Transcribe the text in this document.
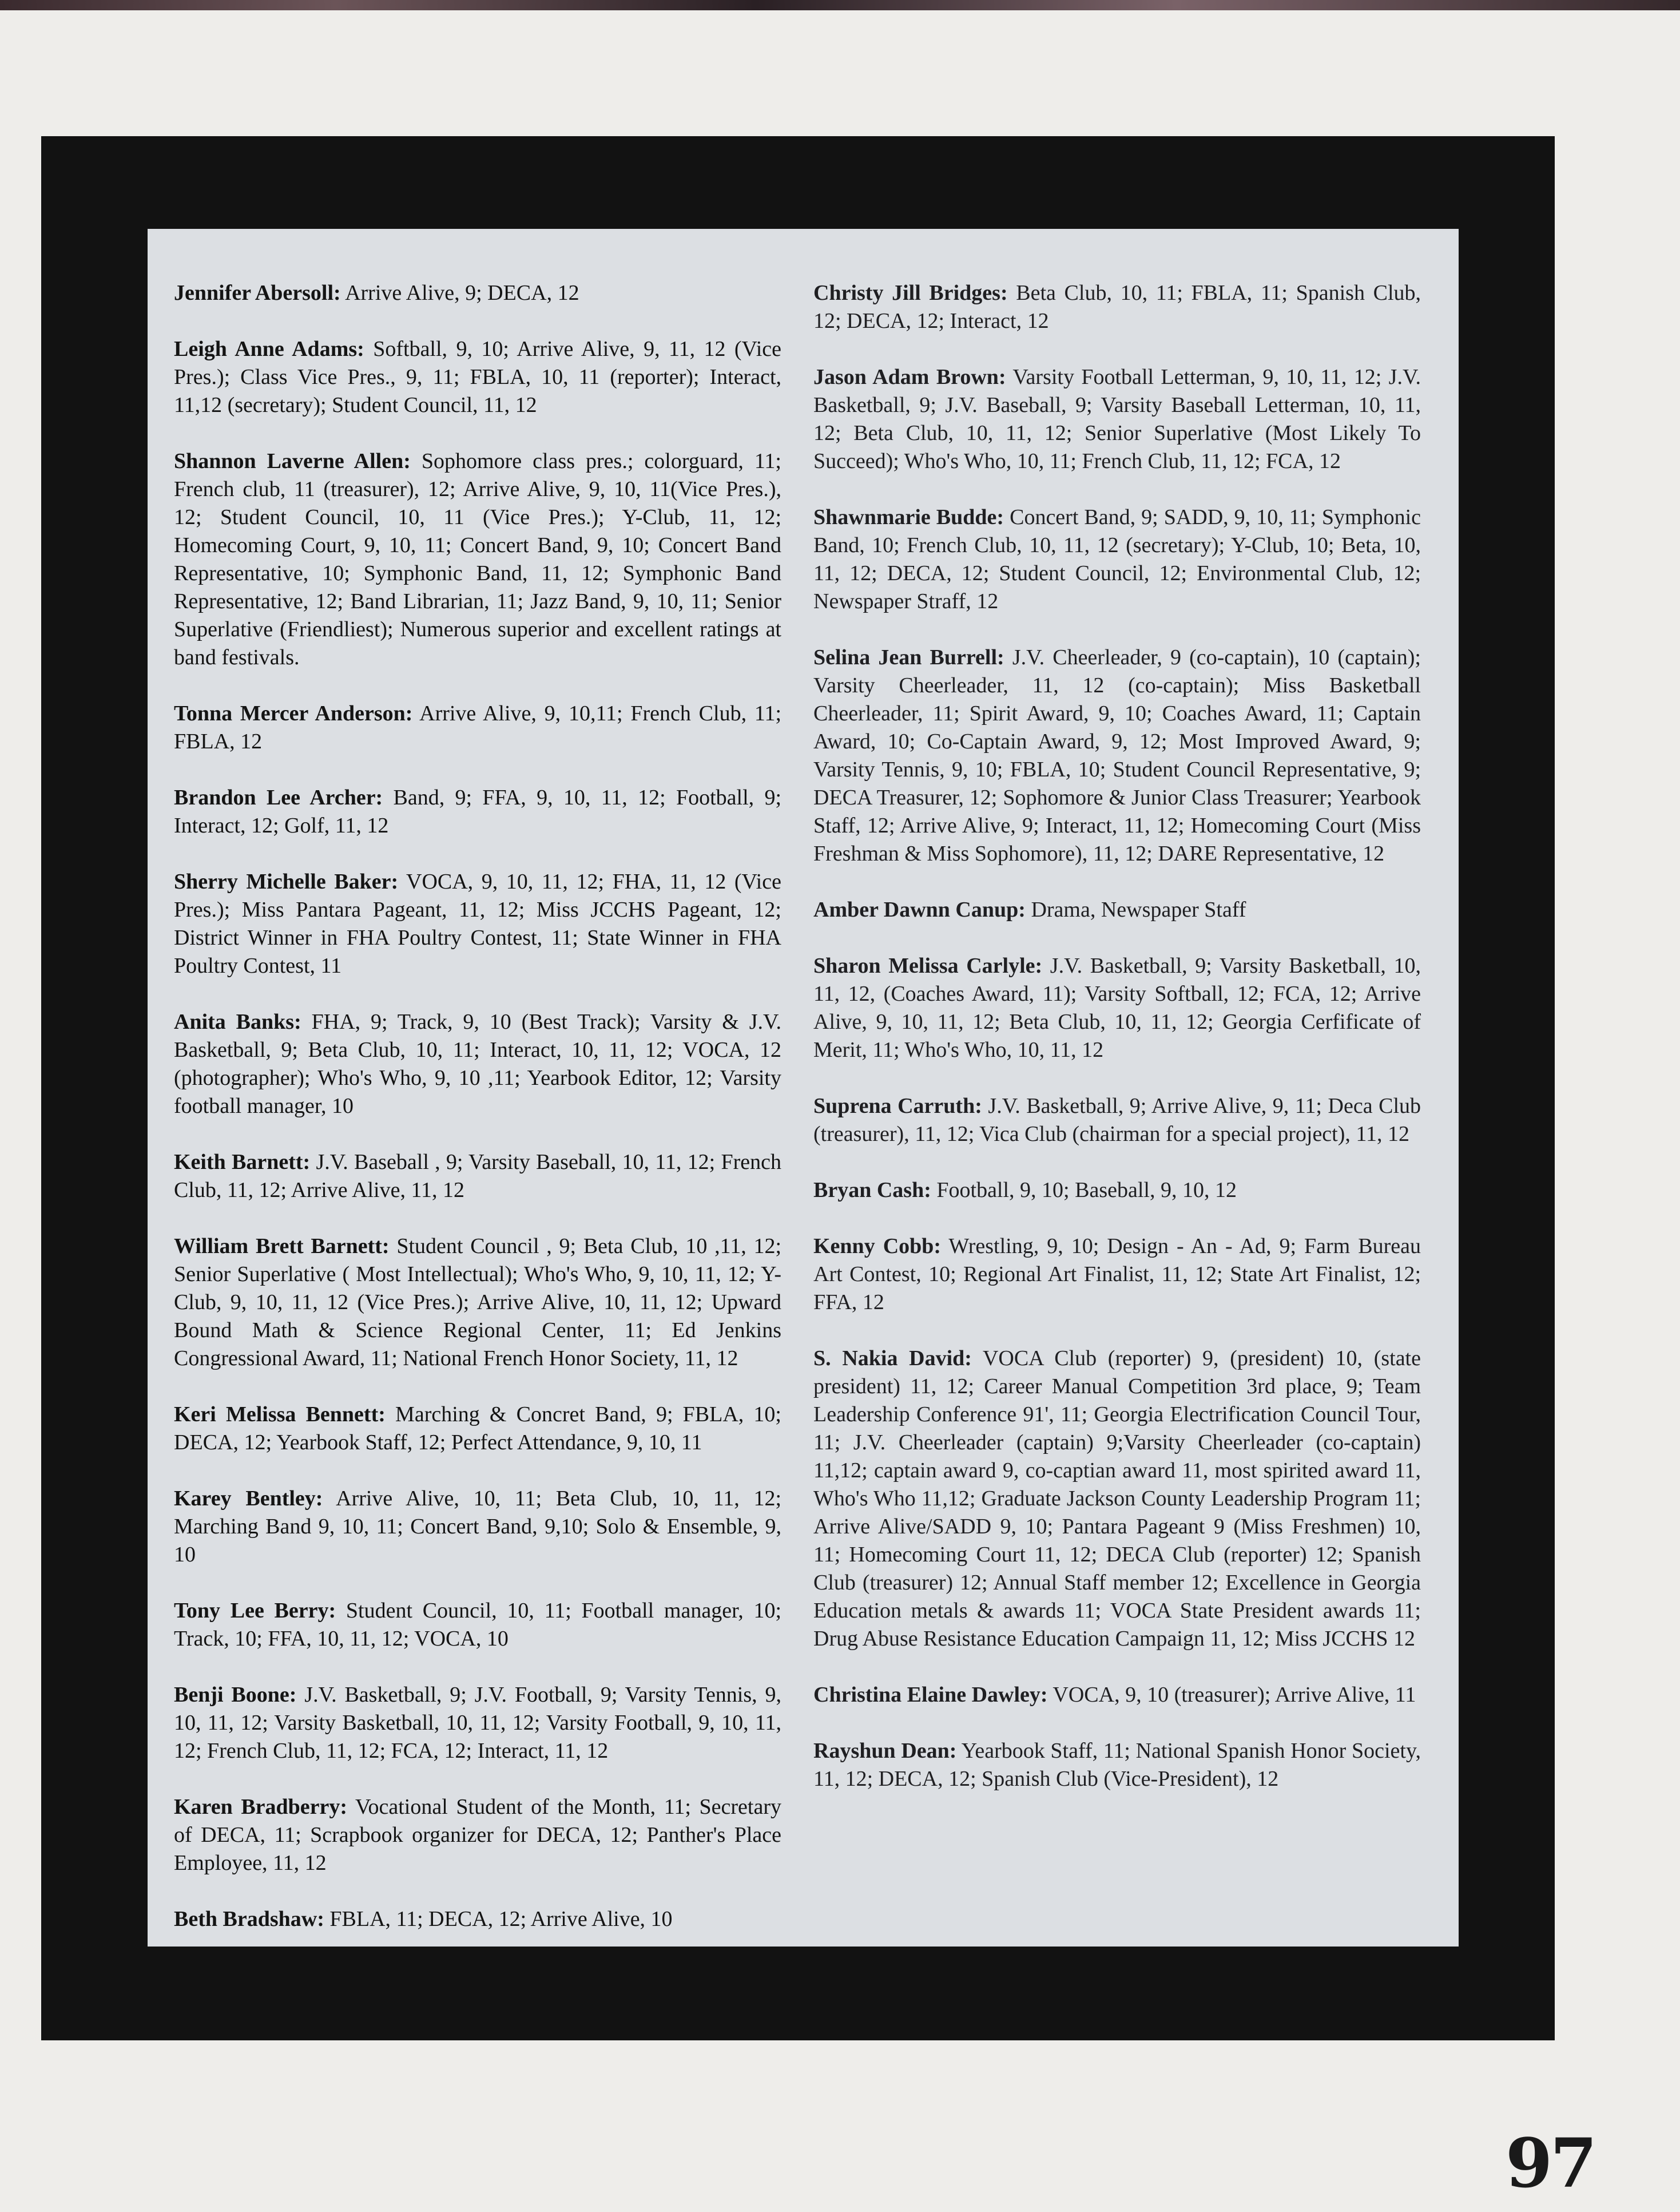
Jennifer Abersoll: Arrive Alive, 9; DECA, 12
Leigh Anne Adams: Softball, 9, 10; Arrive Alive, 9, 11, 12 (Vice Pres.); Class Vice Pres., 9, 11; FBLA, 10, 11 (reporter); Interact, 11,12 (secretary); Student Council, 11, 12
Shannon Laverne Allen: Sophomore class pres.; colorguard, 11; French club, 11 (treasurer), 12; Arrive Alive, 9, 10, 11(Vice Pres.), 12; Student Council, 10, 11 (Vice Pres.); Y-Club, 11, 12; Homecoming Court, 9, 10, 11; Concert Band, 9, 10; Concert Band Representative, 10; Symphonic Band, 11, 12; Symphonic Band Representative, 12; Band Librarian, 11; Jazz Band, 9, 10, 11; Senior Superlative (Friendliest); Numerous superior and excellent ratings at band festivals.
Tonna Mercer Anderson: Arrive Alive, 9, 10,11; French Club, 11; FBLA, 12
Brandon Lee Archer: Band, 9; FFA, 9, 10, 11, 12; Football, 9; Interact, 12; Golf, 11, 12
Sherry Michelle Baker: VOCA, 9, 10, 11, 12; FHA, 11, 12 (Vice Pres.); Miss Pantara Pageant, 11, 12; Miss JCCHS Pageant, 12; District Winner in FHA Poultry Contest, 11; State Winner in FHA Poultry Contest, 11
Anita Banks: FHA, 9; Track, 9, 10 (Best Track); Varsity & J.V. Basketball, 9; Beta Club, 10, 11; Interact, 10, 11, 12; VOCA, 12 (photographer); Who's Who, 9, 10 ,11; Yearbook Editor, 12; Varsity football manager, 10
Keith Barnett: J.V. Baseball , 9; Varsity Baseball, 10, 11, 12; French Club, 11, 12; Arrive Alive, 11, 12
William Brett Barnett: Student Council , 9; Beta Club, 10 ,11, 12; Senior Superlative ( Most Intellectual); Who's Who, 9, 10, 11, 12; Y-Club, 9, 10, 11, 12 (Vice Pres.); Arrive Alive, 10, 11, 12; Upward Bound Math & Science Regional Center, 11; Ed Jenkins Congressional Award, 11; National French Honor Society, 11, 12
Keri Melissa Bennett: Marching & Concret Band, 9; FBLA, 10; DECA, 12; Yearbook Staff, 12; Perfect Attendance, 9, 10, 11
Karey Bentley: Arrive Alive, 10, 11; Beta Club, 10, 11, 12; Marching Band 9, 10, 11; Concert Band, 9,10; Solo & Ensemble, 9, 10
Tony Lee Berry: Student Council, 10, 11; Football manager, 10; Track, 10; FFA, 10, 11, 12; VOCA, 10
Benji Boone: J.V. Basketball, 9; J.V. Football, 9; Varsity Tennis, 9, 10, 11, 12; Varsity Basketball, 10, 11, 12; Varsity Football, 9, 10, 11, 12; French Club, 11, 12; FCA, 12; Interact, 11, 12
Karen Bradberry: Vocational Student of the Month, 11; Secretary of DECA, 11; Scrapbook organizer for DECA, 12; Panther's Place Employee, 11, 12
Beth Bradshaw: FBLA, 11; DECA, 12; Arrive Alive, 10
Christy Jill Bridges: Beta Club, 10, 11; FBLA, 11; Spanish Club, 12; DECA, 12; Interact, 12
Jason Adam Brown: Varsity Football Letterman, 9, 10, 11, 12; J.V. Basketball, 9; J.V. Baseball, 9; Varsity Baseball Letterman, 10, 11, 12; Beta Club, 10, 11, 12; Senior Superlative (Most Likely To Succeed); Who's Who, 10, 11; French Club, 11, 12; FCA, 12
Shawnmarie Budde: Concert Band, 9; SADD, 9, 10, 11; Symphonic Band, 10; French Club, 10, 11, 12 (secretary); Y-Club, 10; Beta, 10, 11, 12; DECA, 12; Student Council, 12; Environmental Club, 12; Newspaper Straff, 12
Selina Jean Burrell: J.V. Cheerleader, 9 (co-captain), 10 (captain); Varsity Cheerleader, 11, 12 (co-captain); Miss Basketball Cheerleader, 11; Spirit Award, 9, 10; Coaches Award, 11; Captain Award, 10; Co-Captain Award, 9, 12; Most Improved Award, 9; Varsity Tennis, 9, 10; FBLA, 10; Student Council Representative, 9; DECA Treasurer, 12; Sophomore & Junior Class Treasurer; Yearbook Staff, 12; Arrive Alive, 9; Interact, 11, 12; Homecoming Court (Miss Freshman & Miss Sophomore), 11, 12; DARE Representative, 12
Amber Dawnn Canup: Drama, Newspaper Staff
Sharon Melissa Carlyle: J.V. Basketball, 9; Varsity Basketball, 10, 11, 12, (Coaches Award, 11); Varsity Softball, 12; FCA, 12; Arrive Alive, 9, 10, 11, 12; Beta Club, 10, 11, 12; Georgia Cerfificate of Merit, 11; Who's Who, 10, 11, 12
Suprena Carruth: J.V. Basketball, 9; Arrive Alive, 9, 11; Deca Club (treasurer), 11, 12; Vica Club (chairman for a special project), 11, 12
Bryan Cash: Football, 9, 10; Baseball, 9, 10, 12
Kenny Cobb: Wrestling, 9, 10; Design - An - Ad, 9; Farm Bureau Art Contest, 10; Regional Art Finalist, 11, 12; State Art Finalist, 12; FFA, 12
S. Nakia David: VOCA Club (reporter) 9, (president) 10, (state president) 11, 12; Career Manual Competition 3rd place, 9; Team Leadership Conference 91', 11; Georgia Electrification Council Tour, 11; J.V. Cheerleader (captain) 9;Varsity Cheerleader (co-captain) 11,12; captain award 9, co-captian award 11, most spirited award 11, Who's Who 11,12; Graduate Jackson County Leadership Program 11; Arrive Alive/SADD 9, 10; Pantara Pageant 9 (Miss Freshmen) 10, 11; Homecoming Court 11, 12; DECA Club (reporter) 12; Spanish Club (treasurer) 12; Annual Staff member 12; Excellence in Georgia Education metals & awards 11; VOCA State President awards 11; Drug Abuse Resistance Education Campaign 11, 12; Miss JCCHS 12
Christina Elaine Dawley: VOCA, 9, 10 (treasurer); Arrive Alive, 11
Rayshun Dean: Yearbook Staff, 11; National Spanish Honor Society, 11, 12; DECA, 12; Spanish Club (Vice-President), 12
97
